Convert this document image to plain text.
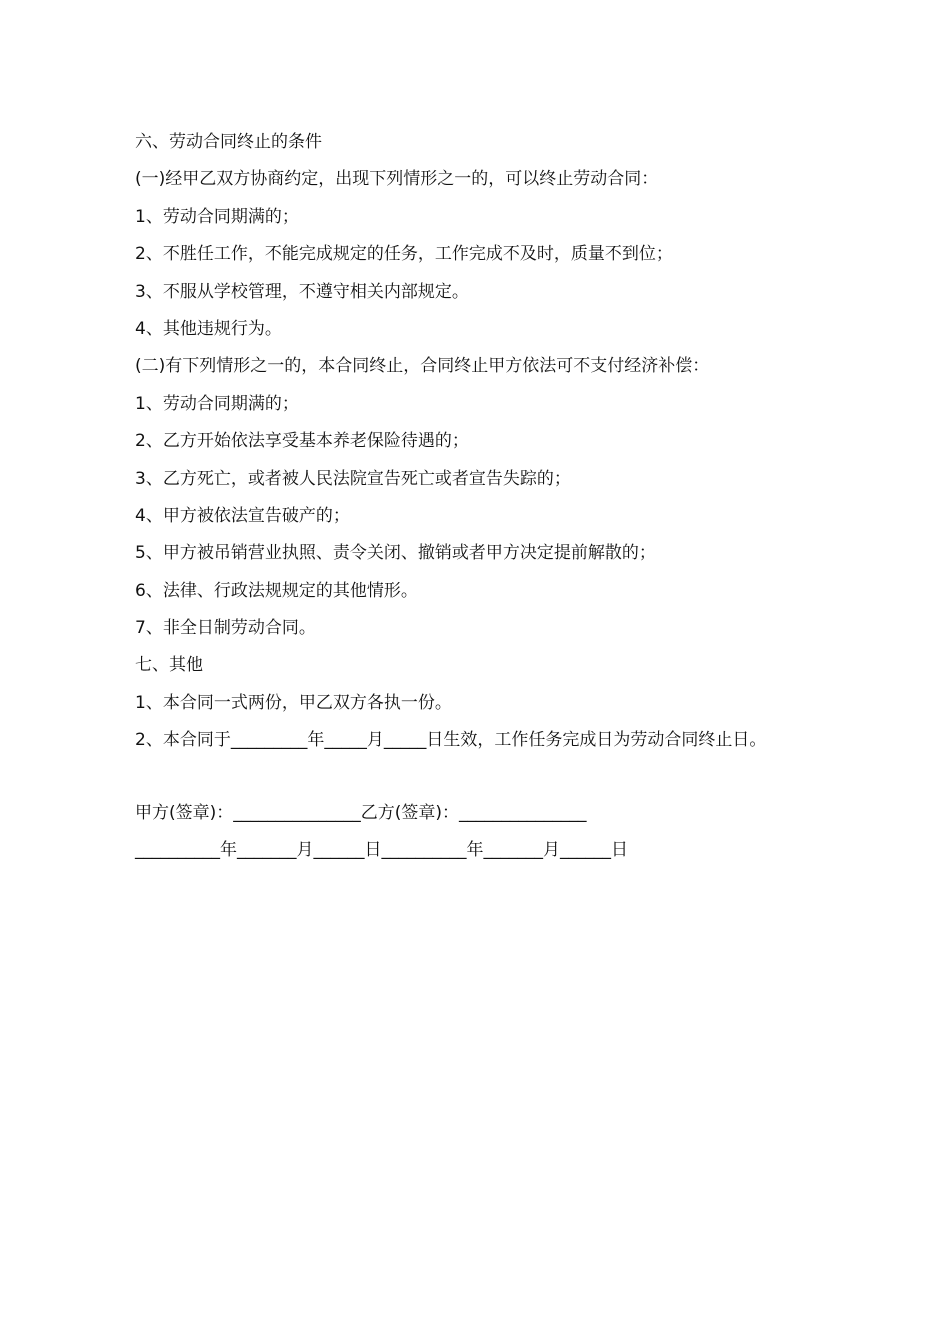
六、劳动合同终止的条件
(一)经甲乙双方协商约定，出现下列情形之一的，可以终止劳动合同：
1、劳动合同期满的；
2、不胜任工作，不能完成规定的任务，工作完成不及时，质量不到位；
3、不服从学校管理，不遵守相关内部规定。
4、其他违规行为。
(二)有下列情形之一的，本合同终止，合同终止甲方依法可不支付经济补偿：
1、劳动合同期满的；
2、乙方开始依法享受基本养老保险待遇的；
3、乙方死亡，或者被人民法院宣告死亡或者宣告失踪的；
4、甲方被依法宣告破产的；
5、甲方被吊销营业执照、责令关闭、撤销或者甲方决定提前解散的；
6、法律、行政法规规定的其他情形。
7、非全日制劳动合同。
七、其他
1、本合同一式两份，甲乙双方各执一份。
2、本合同于_________年_____月_____日生效，工作任务完成日为劳动合同终止日。
甲方(签章)：_______________乙方(签章)：_______________
__________年_______月______日__________年_______月______日
